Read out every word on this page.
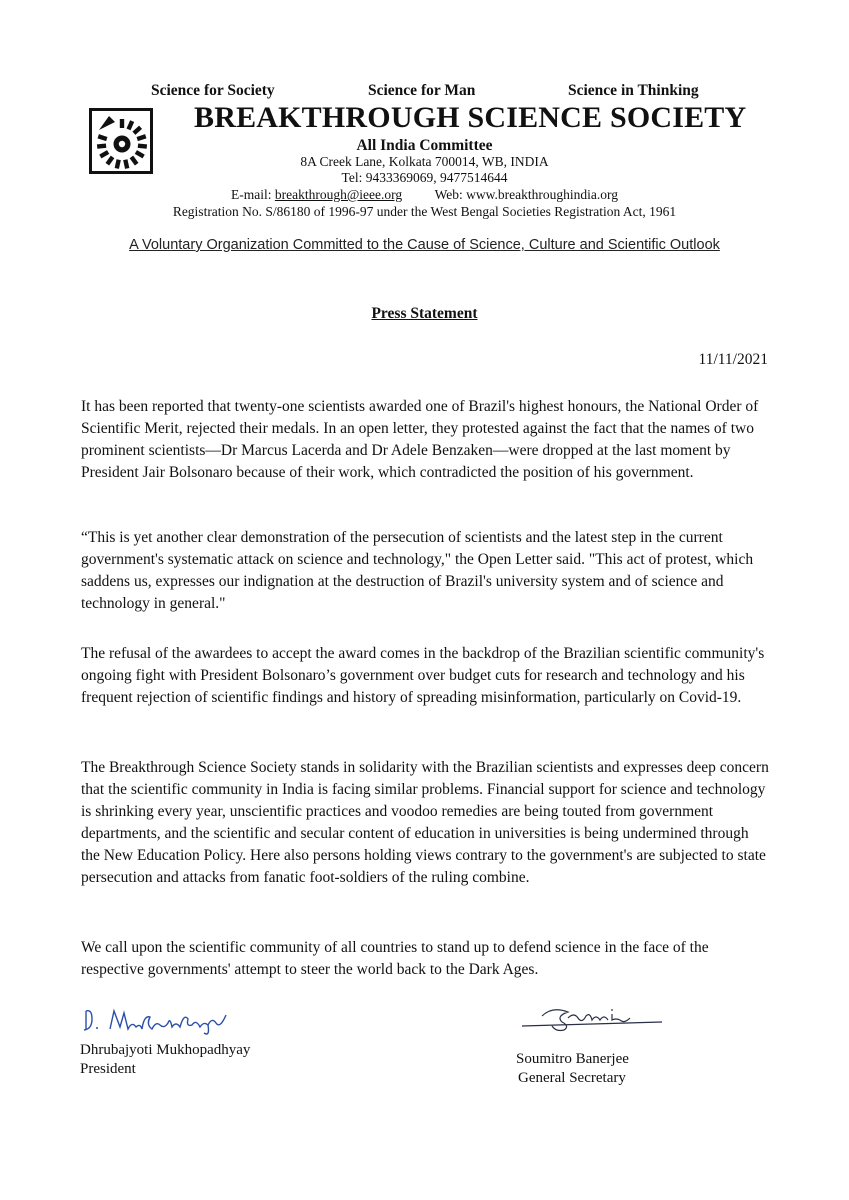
Science for Society	Science for Man	Science in Thinking
BREAKTHROUGH SCIENCE SOCIETY
All India Committee
8A Creek Lane, Kolkata 700014, WB, INDIA
Tel: 9433369069, 9477514644
E-mail: breakthrough@ieee.org Web: www.breakthroughindia.org
Registration No. S/86180 of 1996-97 under the West Bengal Societies Registration Act, 1961
A Voluntary Organization Committed to the Cause of Science, Culture and Scientific Outlook
Press Statement
11/11/2021

It has been reported that twenty-one scientists awarded one of Brazil's highest honours, the National Order of Scientific Merit, rejected their medals. In an open letter, they protested against the fact that the names of two prominent scientists—Dr Marcus Lacerda and Dr Adele Benzaken—were dropped at the last moment by President Jair Bolsonaro because of their work, which contradicted the position of his government.

“This is yet another clear demonstration of the persecution of scientists and the latest step in the current government's systematic attack on science and technology," the Open Letter said. "This act of protest, which saddens us, expresses our indignation at the destruction of Brazil's university system and of science and technology in general."

The refusal of the awardees to accept the award comes in the backdrop of the Brazilian scientific community's ongoing fight with President Bolsonaro’s government over budget cuts for research and technology and his frequent rejection of scientific findings and history of spreading misinformation, particularly on Covid-19.

The Breakthrough Science Society stands in solidarity with the Brazilian scientists and expresses deep concern that the scientific community in India is facing similar problems. Financial support for science and technology is shrinking every year, unscientific practices and voodoo remedies are being touted from government departments, and the scientific and secular content of education in universities is being undermined through the New Education Policy. Here also persons holding views contrary to the government's are subjected to state persecution and attacks from fanatic foot-soldiers of the ruling combine.

We call upon the scientific community of all countries to stand up to defend science in the face of the respective governments' attempt to steer the world back to the Dark Ages.

Dhrubajyoti Mukhopadhyay
President
Soumitro Banerjee
General Secretary
